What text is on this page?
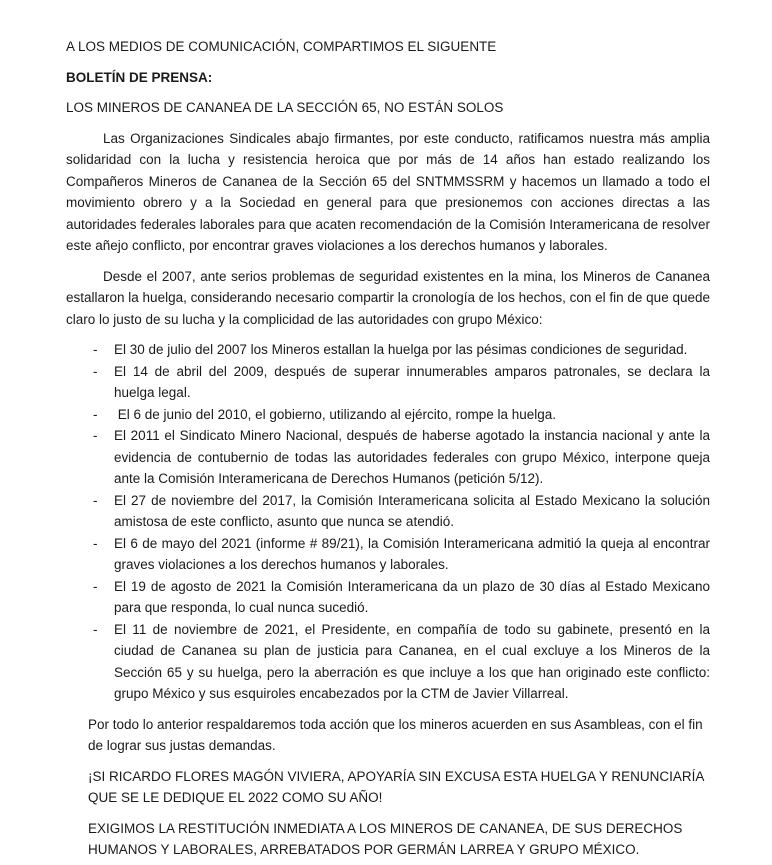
A LOS MEDIOS DE COMUNICACIÓN, COMPARTIMOS EL SIGUENTE

BOLETÍN DE PRENSA:

LOS MINEROS DE CANANEA DE LA SECCIÓN 65, NO ESTÁN SOLOS

Las Organizaciones Sindicales abajo firmantes, por este conducto, ratificamos nuestra más amplia solidaridad con la lucha y resistencia heroica que por más de 14 años han estado realizando los Compañeros Mineros de Cananea de la Sección 65 del SNTMMSSRM y hacemos un llamado a todo el movimiento obrero y a la Sociedad en general para que presionemos con acciones directas a las autoridades federales laborales para que acaten recomendación de la Comisión Interamericana de resolver este añejo conflicto, por encontrar graves violaciones a los derechos humanos y laborales.

Desde el 2007, ante serios problemas de seguridad existentes en la mina, los Mineros de Cananea estallaron la huelga, considerando necesario compartir la cronología de los hechos, con el fin de que quede claro lo justo de su lucha y la complicidad de las autoridades con grupo México:

- El 30 de julio del 2007 los Mineros estallan la huelga por las pésimas condiciones de seguridad.
- El 14 de abril del 2009, después de superar innumerables amparos patronales, se declara la huelga legal.
- El 6 de junio del 2010, el gobierno, utilizando al ejército, rompe la huelga.
- El 2011 el Sindicato Minero Nacional, después de haberse agotado la instancia nacional y ante la evidencia de contubernio de todas las autoridades federales con grupo México, interpone queja ante la Comisión Interamericana de Derechos Humanos (petición 5/12).
- El 27 de noviembre del 2017, la Comisión Interamericana solicita al Estado Mexicano la solución amistosa de este conflicto, asunto que nunca se atendió.
- El 6 de mayo del 2021 (informe # 89/21), la Comisión Interamericana admitió la queja al encontrar graves violaciones a los derechos humanos y laborales.
- El 19 de agosto de 2021 la Comisión Interamericana da un plazo de 30 días al Estado Mexicano para que responda, lo cual nunca sucedió.
- El 11 de noviembre de 2021, el Presidente, en compañía de todo su gabinete, presentó en la ciudad de Cananea su plan de justicia para Cananea, en el cual excluye a los Mineros de la Sección 65 y su huelga, pero la aberración es que incluye a los que han originado este conflicto: grupo México y sus esquiroles encabezados por la CTM de Javier Villarreal.

Por todo lo anterior respaldaremos toda acción que los mineros acuerden en sus Asambleas, con el fin de lograr sus justas demandas.

¡SI RICARDO FLORES MAGÓN VIVIERA, APOYARÍA SIN EXCUSA ESTA HUELGA Y RENUNCIARÍA QUE SE LE DEDIQUE EL 2022 COMO SU AÑO!

EXIGIMOS LA RESTITUCIÓN INMEDIATA A LOS MINEROS DE CANANEA, DE SUS DERECHOS HUMANOS Y LABORALES, ARREBATADOS POR GERMÁN LARREA Y GRUPO MÉXICO.
